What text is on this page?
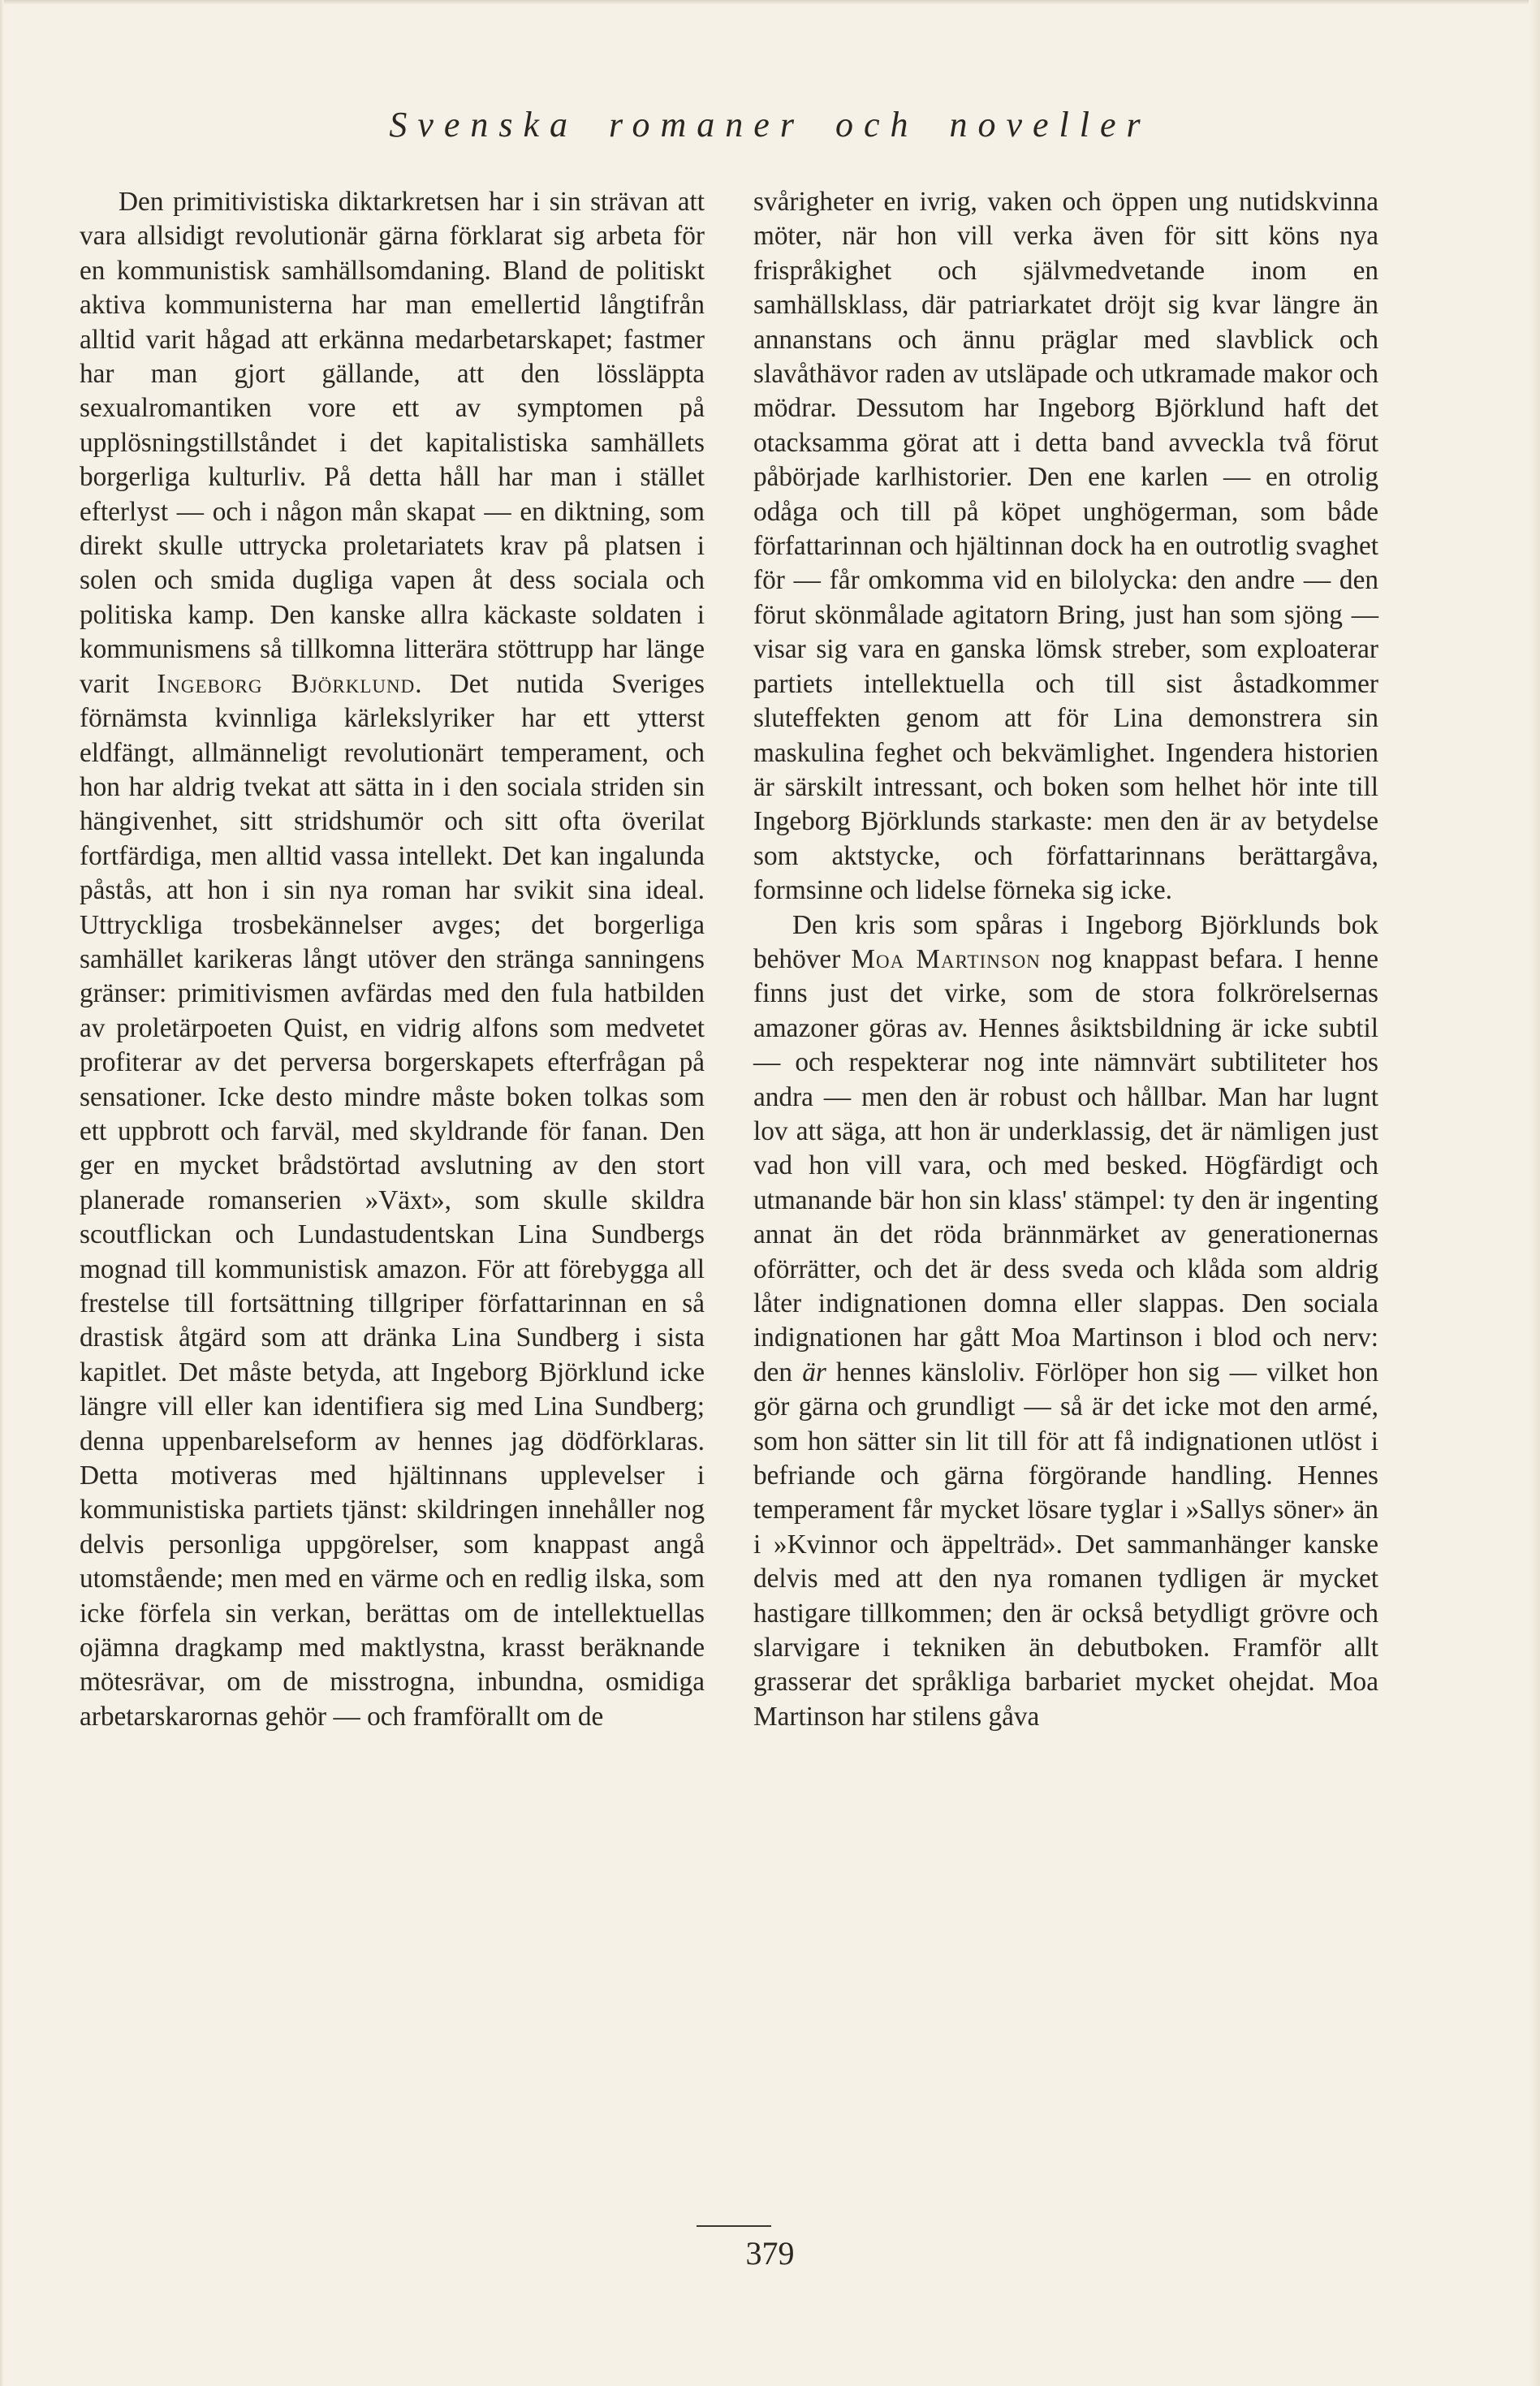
Svenska romaner och noveller

Den primitivistiska diktarkretsen har i sin strävan att vara allsidigt revolutionär gärna förklarat sig arbeta för en kommunistisk samhällsomdaning. Bland de politiskt aktiva kommunisterna har man emellertid långtifrån alltid varit hågad att erkänna medarbetarskapet; fastmer har man gjort gällande, att den lössläppta sexualromantiken vore ett av symptomen på upplösningstillståndet i det kapitalistiska samhällets borgerliga kulturliv. På detta håll har man i stället efterlyst — och i någon mån skapat — en diktning, som direkt skulle uttrycka proletariatets krav på platsen i solen och smida dugliga vapen åt dess sociala och politiska kamp. Den kanske allra käckaste soldaten i kommunismens så tillkomna litterära stöttrupp har länge varit Ingeborg Björklund. Det nutida Sveriges förnämsta kvinnliga kärlekslyriker har ett ytterst eldfängt, allmänneligt revolutionärt temperament, och hon har aldrig tvekat att sätta in i den sociala striden sin hängivenhet, sitt stridshumör och sitt ofta överilat fortfärdiga, men alltid vassa intellekt. Det kan ingalunda påstås, att hon i sin nya roman har svikit sina ideal. Uttryckliga trosbekännelser avges; det borgerliga samhället karikeras långt utöver den stränga sanningens gränser: primitivismen avfärdas med den fula hatbilden av proletärpoeten Quist, en vidrig alfons som medvetet profiterar av det perversa borgerskapets efterfrågan på sensationer. Icke desto mindre måste boken tolkas som ett uppbrott och farväl, med skyldrande för fanan. Den ger en mycket brådstörtad avslutning av den stort planerade romanserien »Växt», som skulle skildra scoutflickan och Lundastudentskan Lina Sundbergs mognad till kommunistisk amazon. För att förebygga all frestelse till fortsättning tillgriper författarinnan en så drastisk åtgärd som att dränka Lina Sundberg i sista kapitlet. Det måste betyda, att Ingeborg Björklund icke längre vill eller kan identifiera sig med Lina Sundberg; denna uppenbarelseform av hennes jag dödförklaras. Detta motiveras med hjältinnans upplevelser i kommunistiska partiets tjänst: skildringen innehåller nog delvis personliga uppgörelser, som knappast angå utomstående; men med en värme och en redlig ilska, som icke förfela sin verkan, berättas om de intellektuellas ojämna dragkamp med maktlystna, krasst beräknande mötesrävar, om de misstrogna, inbundna, osmidiga arbetarskarornas gehör — och framförallt om de

svårigheter en ivrig, vaken och öppen ung nutidskvinna möter, när hon vill verka även för sitt köns nya frispråkighet och självmedvetande inom en samhällsklass, där patriarkatet dröjt sig kvar längre än annanstans och ännu präglar med slavblick och slavåthävor raden av utsläpade och utkramade makor och mödrar. Dessutom har Ingeborg Björklund haft det otacksamma görat att i detta band avveckla två förut påbörjade karlhistorier. Den ene karlen — en otrolig odåga och till på köpet unghögerman, som både författarinnan och hjältinnan dock ha en outrotlig svaghet för — får omkomma vid en bilolycka: den andre — den förut skönmålade agitatorn Bring, just han som sjöng — visar sig vara en ganska lömsk streber, som exploaterar partiets intellektuella och till sist åstadkommer sluteffekten genom att för Lina demonstrera sin maskulina feghet och bekvämlighet. Ingendera historien är särskilt intressant, och boken som helhet hör inte till Ingeborg Björklunds starkaste: men den är av betydelse som aktstycke, och författarinnans berättargåva, formsinne och lidelse förneka sig icke.

Den kris som spåras i Ingeborg Björklunds bok behöver Moa Martinson nog knappast befara. I henne finns just det virke, som de stora folkrörelsernas amazoner göras av. Hennes åsiktsbildning är icke subtil — och respekterar nog inte nämnvärt subtiliteter hos andra — men den är robust och hållbar. Man har lugnt lov att säga, att hon är underklassig, det är nämligen just vad hon vill vara, och med besked. Högfärdigt och utmanande bär hon sin klass' stämpel: ty den är ingenting annat än det röda brännmärket av generationernas oförrätter, och det är dess sveda och klåda som aldrig låter indignationen domna eller slappas. Den sociala indignationen har gått Moa Martinson i blod och nerv: den är hennes känsloliv. Förlöper hon sig — vilket hon gör gärna och grundligt — så är det icke mot den armé, som hon sätter sin lit till för att få indignationen utlöst i befriande och gärna förgörande handling. Hennes temperament får mycket lösare tyglar i »Sallys söner» än i »Kvinnor och äppelträd». Det sammanhänger kanske delvis med att den nya romanen tydligen är mycket hastigare tillkommen; den är också betydligt grövre och slarvigare i tekniken än debutboken. Framför allt grasserar det språkliga barbariet mycket ohejdat. Moa Martinson har stilens gåva

379
